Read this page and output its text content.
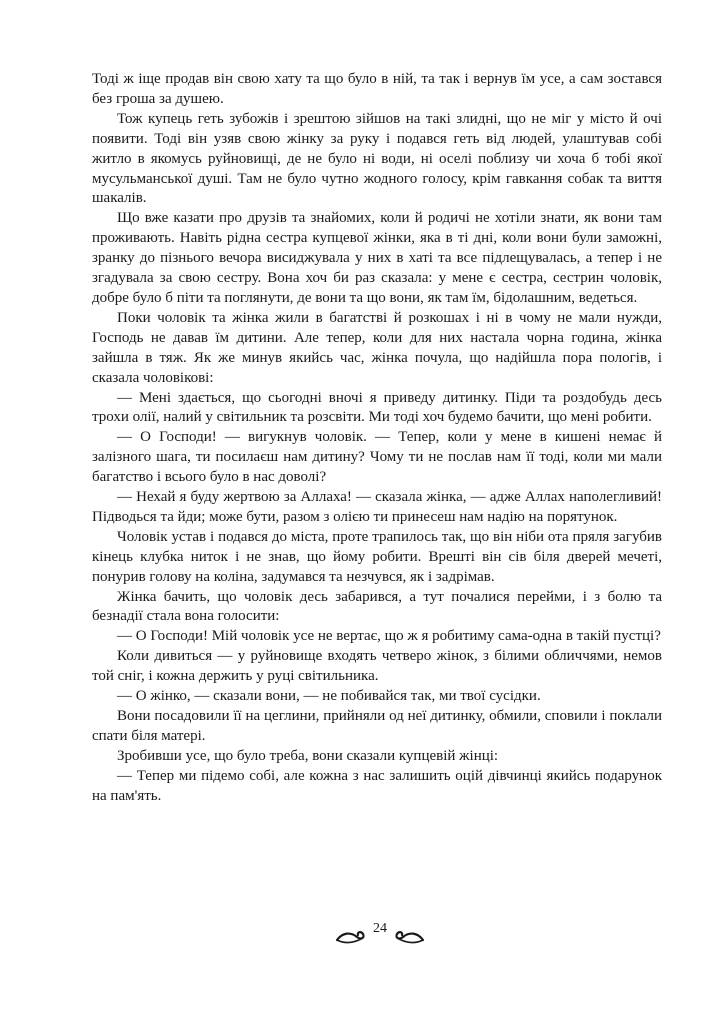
Тоді ж іще продав він свою хату та що було в ній, та так і вернув їм усе, а сам зостався без гроша за душею.

Тож купець геть зубожів і зрештою зійшов на такі злидні, що не міг у місто й очі появити. Тоді він узяв свою жінку за руку і подався геть від людей, улаштував собі житло в якомусь руйновищі, де не було ні води, ні оселі поблизу чи хоча б тобі якої мусульманської душі. Там не було чутно жодного голосу, крім гавкання собак та виття шакалів.

Що вже казати про друзів та знайомих, коли й родичі не хотіли знати, як вони там проживають. Навіть рідна сестра купцевої жінки, яка в ті дні, коли вони були заможні, зранку до пізнього вечора висиджувала у них в хаті та все підлещувалась, а тепер і не згадувала за свою сестру. Вона хоч би раз сказала: у мене є сестра, сестрин чоловік, добре було б піти та поглянути, де вони та що вони, як там їм, бідолашним, ведеться.

Поки чоловік та жінка жили в багатстві й розкошах і ні в чому не мали нужди, Господь не давав їм дитини. Але тепер, коли для них настала чорна година, жінка зайшла в тяж. Як же минув якийсь час, жінка почула, що надійшла пора пологів, і сказала чоловікові:

— Мені здається, що сьогодні вночі я приведу дитинку. Піди та роздобудь десь трохи олії, налий у світильник та розсвіти. Ми тоді хоч будемо бачити, що мені робити.

— О Господи! — вигукнув чоловік. — Тепер, коли у мене в кишені немає й залізного шага, ти посилаєш нам дитину? Чому ти не послав нам її тоді, коли ми мали багатство і всього було в нас доволі?

— Нехай я буду жертвою за Аллаха! — сказала жінка, — адже Аллах наполегливий! Підводься та йди; може бути, разом з олією ти принесеш нам надію на порятунок.

Чоловік устав і подався до міста, проте трапилось так, що він ніби ота пряля загубив кінець клубка ниток і не знав, що йому робити. Врешті він сів біля дверей мечеті, понурив голову на коліна, задумався та незчувся, як і задрімав.

Жінка бачить, що чоловік десь забарився, а тут почалися перейми, і з болю та безнадії стала вона голосити:

— О Господи! Мій чоловік усе не вертає, що ж я робитиму сама-одна в такій пустці?

Коли дивиться — у руйновище входять четверо жінок, з білими обличчями, немов той сніг, і кожна держить у руці світильника.

— О жінко, — сказали вони, — не побивайся так, ми твої сусідки.

Вони посадовили її на цеглини, прийняли од неї дитинку, обмили, сповили і поклали спати біля матері.

Зробивши усе, що було треба, вони сказали купцевій жінці:

— Тепер ми підемо собі, але кожна з нас залишить оцій дівчинці якийсь подарунок на пам'ять.

24
